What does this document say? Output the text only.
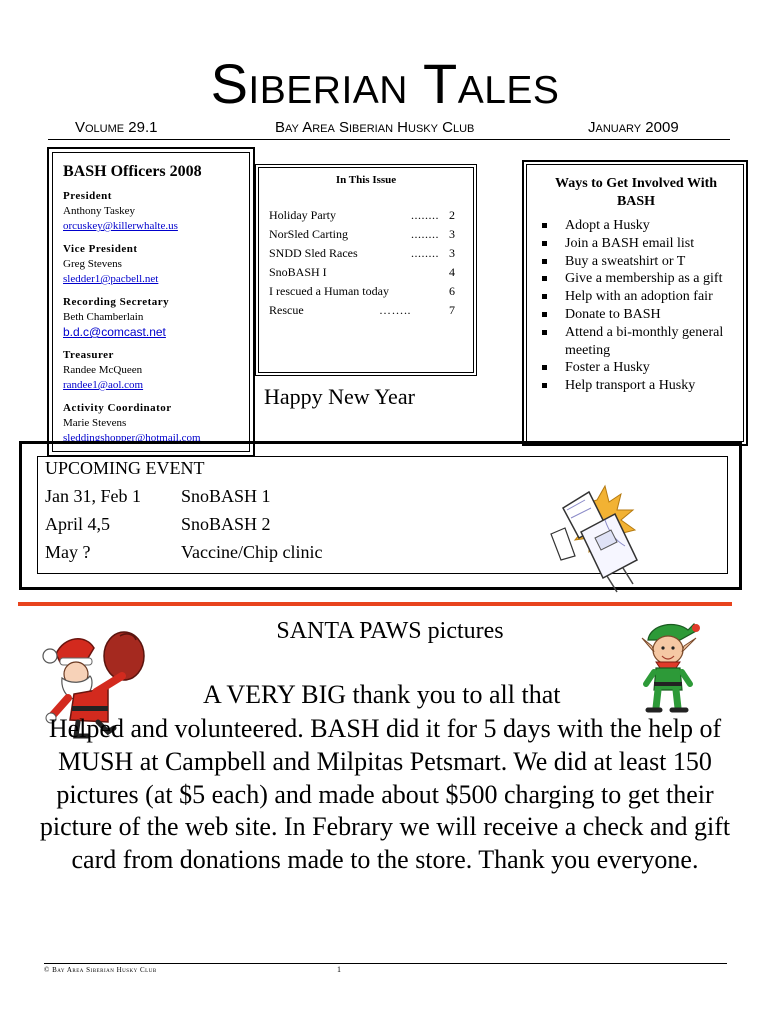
Siberian Tales
Volume 29.1	Bay Area Siberian Husky Club	January 2009
BASH Officers 2008
President
Anthony Taskey
orcuskey@killerwhalte.us
Vice President
Greg Stevens
sledder1@pacbell.net
Recording Secretary
Beth Chamberlain
b.d.c@comcast.net
Treasurer
Randee McQueen
randee1@aol.com
Activity Coordinator
Marie Stevens
sleddingshopper@hotmail.com
In This Issue
Holiday Party	........ 2
NorSled Carting	........ 3
SNDD Sled Races	........ 3
SnoBASH I	4
I rescued a Human today	6
Rescue	……..	7
Happy New Year
Ways to Get Involved With BASH
Adopt a Husky
Join a BASH email list
Buy a sweatshirt or T
Give a membership as a gift
Help with an adoption fair
Donate to BASH
Attend a bi-monthly general meeting
Foster a Husky
Help transport a Husky
UPCOMING EVENT
Jan 31, Feb 1 SnoBASH 1
April 4,5	SnoBASH 2
May ?	Vaccine/Chip clinic
SANTA PAWS pictures
A VERY BIG thank you to all that
Helped and volunteered. BASH did it for 5 days with the help of MUSH at Campbell and Milpitas Petsmart. We did at least 150 pictures (at $5 each) and made about $500 charging to get their picture of the web site. In Febrary we will receive a check and gift card from donations made to the store. Thank you everyone.
© Bay Area Siberian Husky Club	1
